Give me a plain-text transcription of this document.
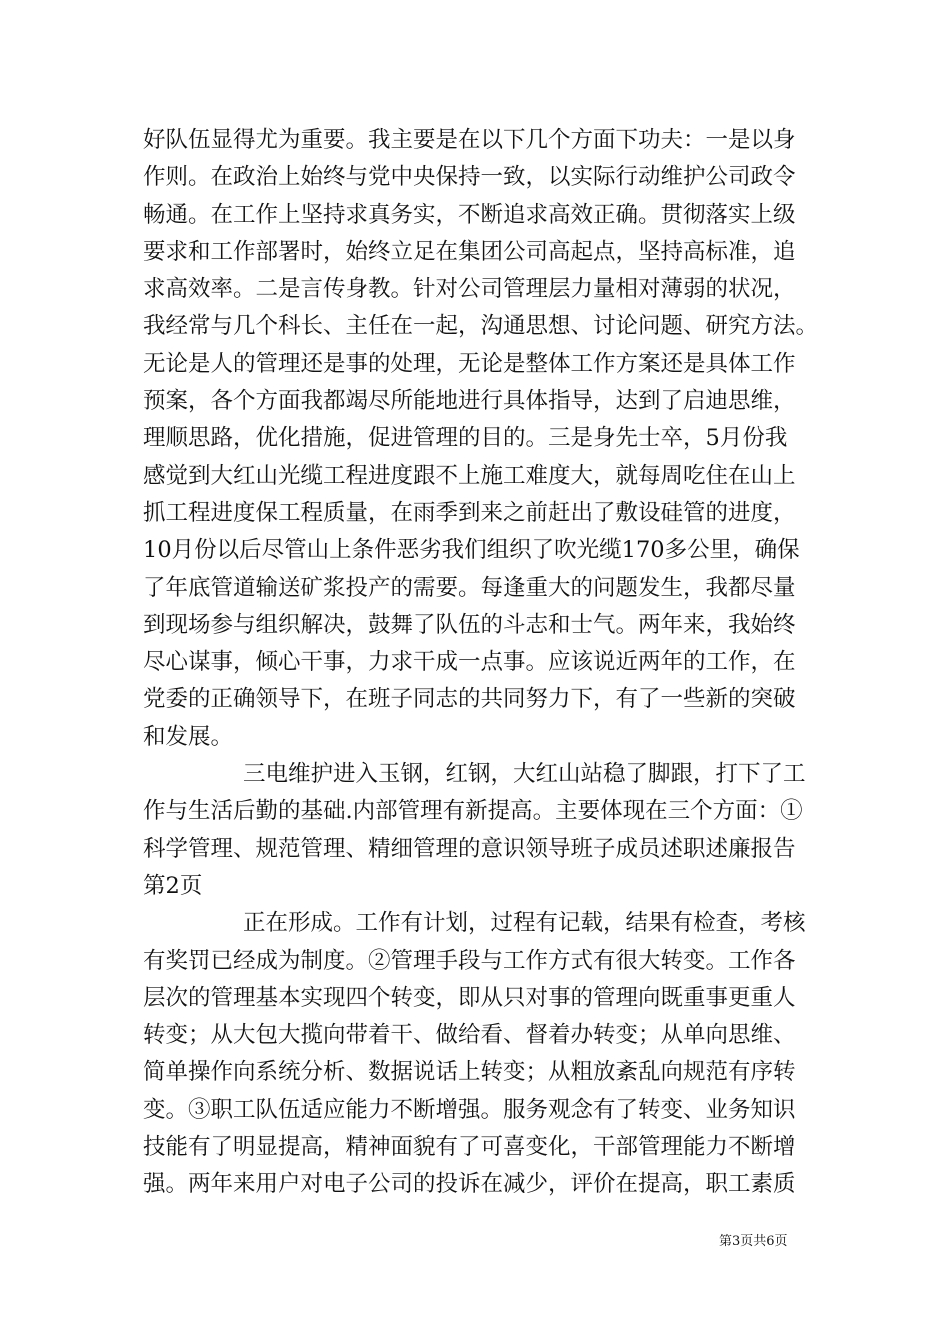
好队伍显得尤为重要。我主要是在以下几个方面下功夫：一是以身
作则。在政治上始终与党中央保持一致，以实际行动维护公司政令
畅通。在工作上坚持求真务实，不断追求高效正确。贯彻落实上级
要求和工作部署时，始终立足在集团公司高起点，坚持高标准，追
求高效率。二是言传身教。针对公司管理层力量相对薄弱的状况，
我经常与几个科长、主任在一起，沟通思想、讨论问题、研究方法。
无论是人的管理还是事的处理，无论是整体工作方案还是具体工作
预案，各个方面我都竭尽所能地进行具体指导，达到了启迪思维，
理顺思路，优化措施，促进管理的目的。三是身先士卒，5月份我
感觉到大红山光缆工程进度跟不上施工难度大，就每周吃住在山上
抓工程进度保工程质量，在雨季到来之前赶出了敷设硅管的进度，
10月份以后尽管山上条件恶劣我们组织了吹光缆170多公里，确保
了年底管道输送矿浆投产的需要。每逢重大的问题发生，我都尽量
到现场参与组织解决，鼓舞了队伍的斗志和士气。两年来，我始终
尽心谋事，倾心干事，力求干成一点事。应该说近两年的工作，在
党委的正确领导下，在班子同志的共同努力下，有了一些新的突破
和发展。
三电维护进入玉钢，红钢，大红山站稳了脚跟，打下了工
作与生活后勤的基础.内部管理有新提高。主要体现在三个方面：①
科学管理、规范管理、精细管理的意识领导班子成员述职述廉报告
第2页
正在形成。工作有计划，过程有记载，结果有检查，考核
有奖罚已经成为制度。②管理手段与工作方式有很大转变。工作各
层次的管理基本实现四个转变，即从只对事的管理向既重事更重人
转变；从大包大揽向带着干、做给看、督着办转变；从单向思维、
简单操作向系统分析、数据说话上转变；从粗放紊乱向规范有序转
变。③职工队伍适应能力不断增强。服务观念有了转变、业务知识
技能有了明显提高，精神面貌有了可喜变化，干部管理能力不断增
强。两年来用户对电子公司的投诉在减少，评价在提高，职工素质
第3页共6页
